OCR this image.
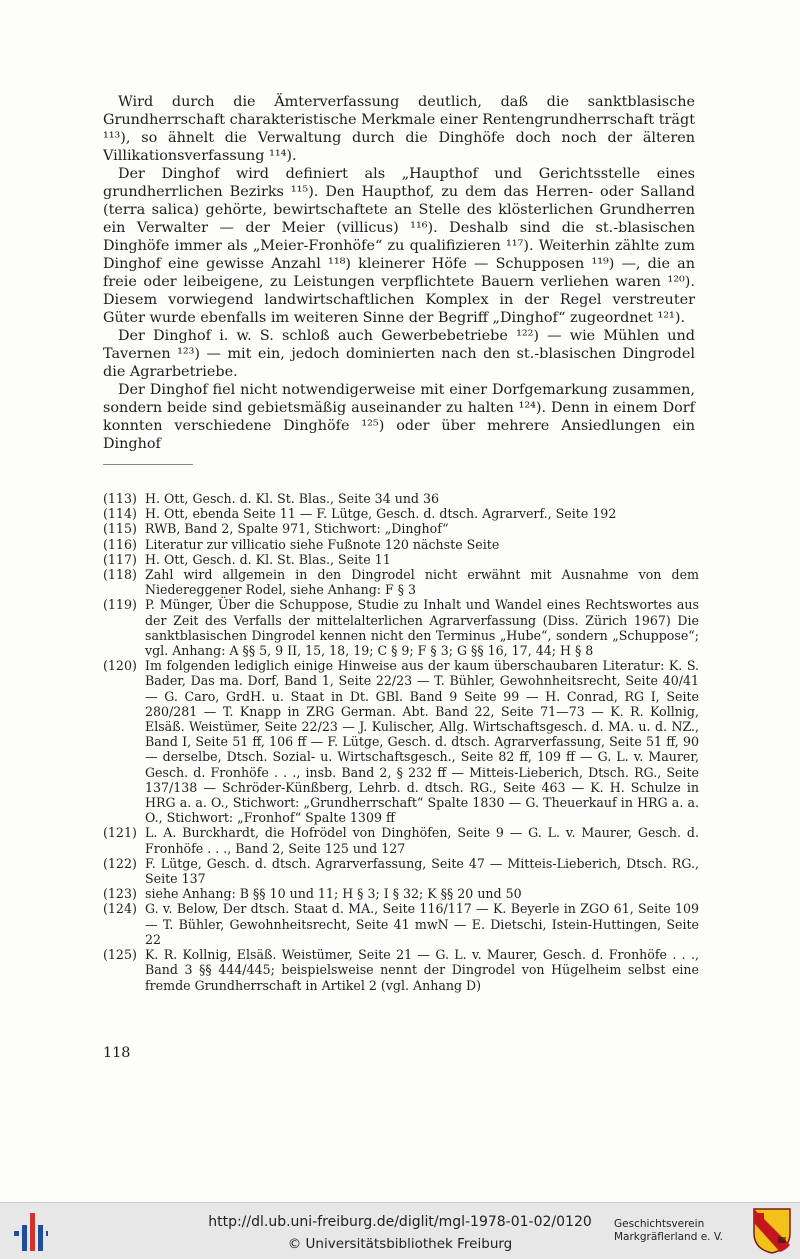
Wird durch die Ämterverfassung deutlich, daß die sanktblasische Grundherrschaft charakteristische Merkmale einer Rentengrundherrschaft trägt ¹¹³), so ähnelt die Verwaltung durch die Dinghöfe doch noch der älteren Villikationsverfassung ¹¹⁴).

Der Dinghof wird definiert als „Haupthof und Gerichtsstelle eines grundherrlichen Bezirks ¹¹⁵). Den Haupthof, zu dem das Herren- oder Salland (terra salica) gehörte, bewirtschaftete an Stelle des klösterlichen Grundherren ein Verwalter — der Meier (villicus) ¹¹⁶). Deshalb sind die st.-blasischen Dinghöfe immer als „Meier-Fronhöfe“ zu qualifizieren ¹¹⁷). Weiterhin zählte zum Dinghof eine gewisse Anzahl ¹¹⁸) kleinerer Höfe — Schupposen ¹¹⁹) —, die an freie oder leibeigene, zu Leistungen verpflichtete Bauern verliehen waren ¹²⁰). Diesem vorwiegend landwirtschaftlichen Komplex in der Regel verstreuter Güter wurde ebenfalls im weiteren Sinne der Begriff „Dinghof“ zugeordnet ¹²¹).

Der Dinghof i. w. S. schloß auch Gewerbebetriebe ¹²²) — wie Mühlen und Tavernen ¹²³) — mit ein, jedoch dominierten nach den st.-blasischen Dingrodel die Agrarbetriebe.

Der Dinghof fiel nicht notwendigerweise mit einer Dorfgemarkung zusammen, sondern beide sind gebietsmäßig auseinander zu halten ¹²⁴). Denn in einem Dorf konnten verschiedene Dinghöfe ¹²⁵) oder über mehrere Ansiedlungen ein Dinghof

(113) H. Ott, Gesch. d. Kl. St. Blas., Seite 34 und 36
(114) H. Ott, ebenda Seite 11 — F. Lütge, Gesch. d. dtsch. Agrarverf., Seite 192
(115) RWB, Band 2, Spalte 971, Stichwort: „Dinghof“
(116) Literatur zur villicatio siehe Fußnote 120 nächste Seite
(117) H. Ott, Gesch. d. Kl. St. Blas., Seite 11
(118) Zahl wird allgemein in den Dingrodel nicht erwähnt mit Ausnahme von dem Niedereggener Rodel, siehe Anhang: F § 3
(119) P. Münger, Über die Schuppose, Studie zu Inhalt und Wandel eines Rechtswortes aus der Zeit des Verfalls der mittelalterlichen Agrarverfassung (Diss. Zürich 1967) Die sanktblasischen Dingrodel kennen nicht den Terminus „Hube“, sondern „Schuppose“; vgl. Anhang: A §§ 5, 9 II, 15, 18, 19; C § 9; F § 3; G §§ 16, 17, 44; H § 8
(120) Im folgenden lediglich einige Hinweise aus der kaum überschaubaren Literatur: K. S. Bader, Das ma. Dorf, Band 1, Seite 22/23 — T. Bühler, Gewohnheitsrecht, Seite 40/41 — G. Caro, GrdH. u. Staat in Dt. GBl. Band 9 Seite 99 — H. Conrad, RG I, Seite 280/281 — T. Knapp in ZRG German. Abt. Band 22, Seite 71—73 — K. R. Kollnig, Elsäß. Weistümer, Seite 22/23 — J. Kulischer, Allg. Wirtschaftsgesch. d. MA. u. d. NZ., Band I, Seite 51 ff, 106 ff — F. Lütge, Gesch. d. dtsch. Agrarverfassung, Seite 51 ff, 90 — derselbe, Dtsch. Sozial- u. Wirtschaftsgesch., Seite 82 ff, 109 ff — G. L. v. Maurer, Gesch. d. Fronhöfe . . ., insb. Band 2, § 232 ff — Mitteis-Lieberich, Dtsch. RG., Seite 137/138 — Schröder-Künßberg, Lehrb. d. dtsch. RG., Seite 463 — K. H. Schulze in HRG a. a. O., Stichwort: „Grundherrschaft“ Spalte 1830 — G. Theuerkauf in HRG a. a. O., Stichwort: „Fronhof“ Spalte 1309 ff
(121) L. A. Burckhardt, die Hofrödel von Dinghöfen, Seite 9 — G. L. v. Maurer, Gesch. d. Fronhöfe . . ., Band 2, Seite 125 und 127
(122) F. Lütge, Gesch. d. dtsch. Agrarverfassung, Seite 47 — Mitteis-Lieberich, Dtsch. RG., Seite 137
(123) siehe Anhang: B §§ 10 und 11; H § 3; I § 32; K §§ 20 und 50
(124) G. v. Below, Der dtsch. Staat d. MA., Seite 116/117 — K. Beyerle in ZGO 61, Seite 109 — T. Bühler, Gewohnheitsrecht, Seite 41 mwN — E. Dietschi, Istein-Huttingen, Seite 22
(125) K. R. Kollnig, Elsäß. Weistümer, Seite 21 — G. L. v. Maurer, Gesch. d. Fronhöfe . . ., Band 3 §§ 444/445; beispielsweise nennt der Dingrodel von Hügelheim selbst eine fremde Grundherrschaft in Artikel 2 (vgl. Anhang D)
118
http://dl.ub.uni-freiburg.de/diglit/mgl-1978-01-02/0120
© Universitätsbibliothek Freiburg
Geschichtsverein
Markgräflerland e. V.
